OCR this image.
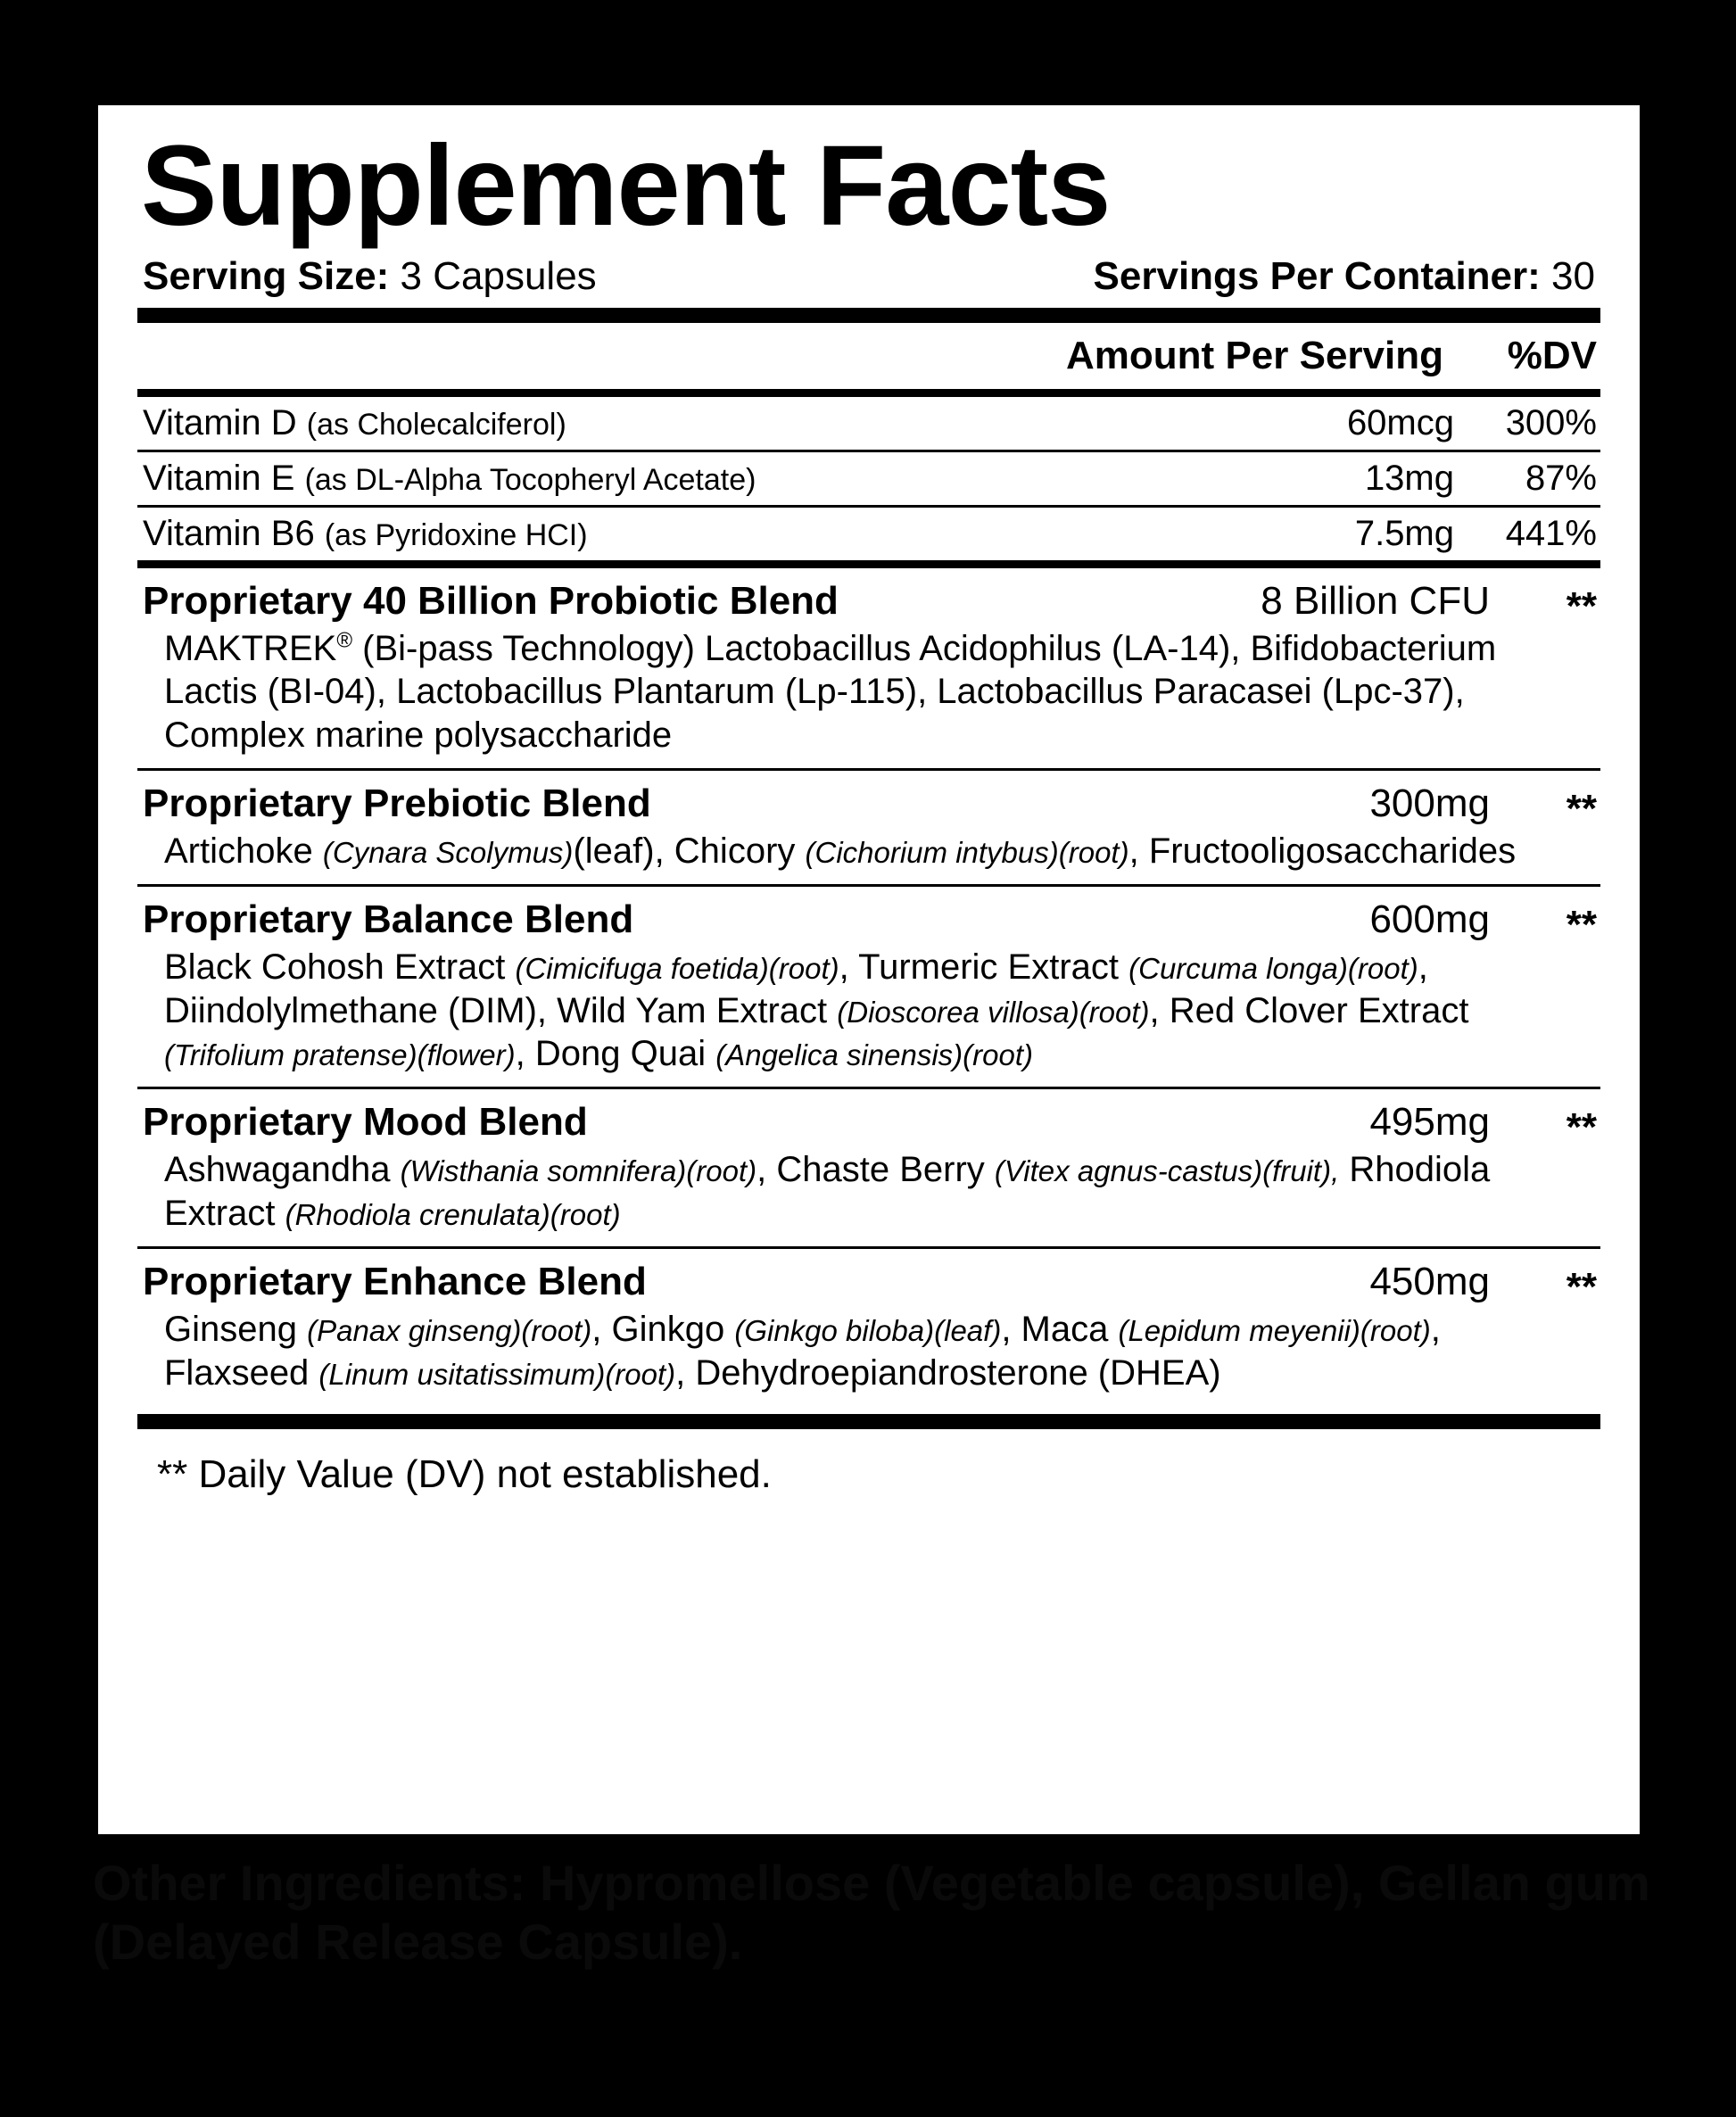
Supplement Facts
Serving Size: 3 Capsules	Servings Per Container: 30
Amount Per Serving	%DV
Vitamin D (as Cholecalciferol)	60mcg	300%
Vitamin E (as DL-Alpha Tocopheryl Acetate)	13mg	87%
Vitamin B6 (as Pyridoxine HCI)	7.5mg	441%
Proprietary 40 Billion Probiotic Blend	8 Billion CFU	**
MAKTREK® (Bi-pass Technology) Lactobacillus Acidophilus (LA-14), Bifidobacterium Lactis (BI-04), Lactobacillus Plantarum (Lp-115), Lactobacillus Paracasei (Lpc-37), Complex marine polysaccharide
Proprietary Prebiotic Blend	300mg	**
Artichoke (Cynara Scolymus)(leaf), Chicory (Cichorium intybus)(root), Fructooligosaccharides
Proprietary Balance Blend	600mg	**
Black Cohosh Extract (Cimicifuga foetida)(root), Turmeric Extract (Curcuma longa)(root), Diindolylmethane (DIM), Wild Yam Extract (Dioscorea villosa)(root), Red Clover Extract (Trifolium pratense)(flower), Dong Quai (Angelica sinensis)(root)
Proprietary Mood Blend	495mg	**
Ashwagandha (Wisthania somnifera)(root), Chaste Berry (Vitex agnus-castus)(fruit), Rhodiola Extract (Rhodiola crenulata)(root)
Proprietary Enhance Blend	450mg	**
Ginseng (Panax ginseng)(root), Ginkgo (Ginkgo biloba)(leaf), Maca (Lepidum meyenii)(root), Flaxseed (Linum usitatissimum)(root), Dehydroepiandrosterone (DHEA)
** Daily Value (DV) not established.
Other Ingredients: Hypromellose (Vegetable capsule), Gellan gum (Delayed Release Capsule).
